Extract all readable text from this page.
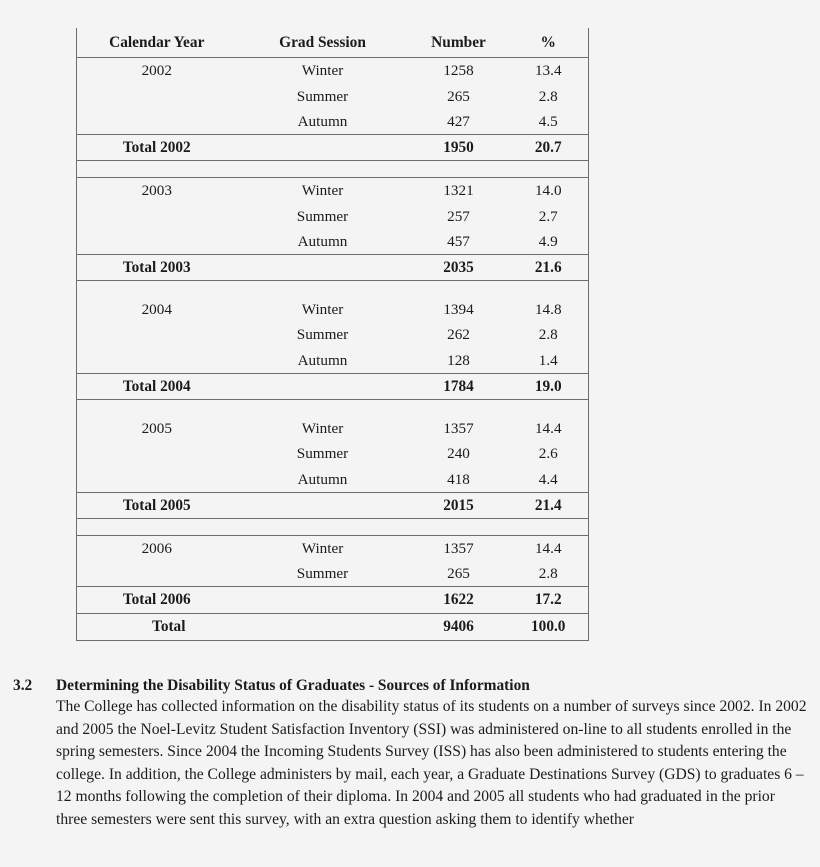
Calendar Year	Grad Session	Number	%
2002	Winter	1258	13.4
	Summer	265	2.8
	Autumn	427	4.5
Total 2002		1950	20.7

2003	Winter	1321	14.0
	Summer	257	2.7
	Autumn	457	4.9
Total 2003		2035	21.6
2004	Winter	1394	14.8
	Summer	262	2.8
	Autumn	128	1.4
Total 2004		1784	19.0
2005	Winter	1357	14.4
	Summer	240	2.6
	Autumn	418	4.4
Total 2005		2015	21.4

2006	Winter	1357	14.4
	Summer	265	2.8
Total 2006		1622	17.2
Total		9406	100.0
3.2	Determining the Disability Status of Graduates - Sources of Information
The College has collected information on the disability status of its students on a number of surveys since 2002. In 2002 and 2005 the Noel-Levitz Student Satisfaction Inventory (SSI) was administered on-line to all students enrolled in the spring semesters. Since 2004 the Incoming Students Survey (ISS) has also been administered to students entering the college. In addition, the College administers by mail, each year, a Graduate Destinations Survey (GDS) to graduates 6 – 12 months following the completion of their diploma. In 2004 and 2005 all students who had graduated in the prior three semesters were sent this survey, with an extra question asking them to identify whether
